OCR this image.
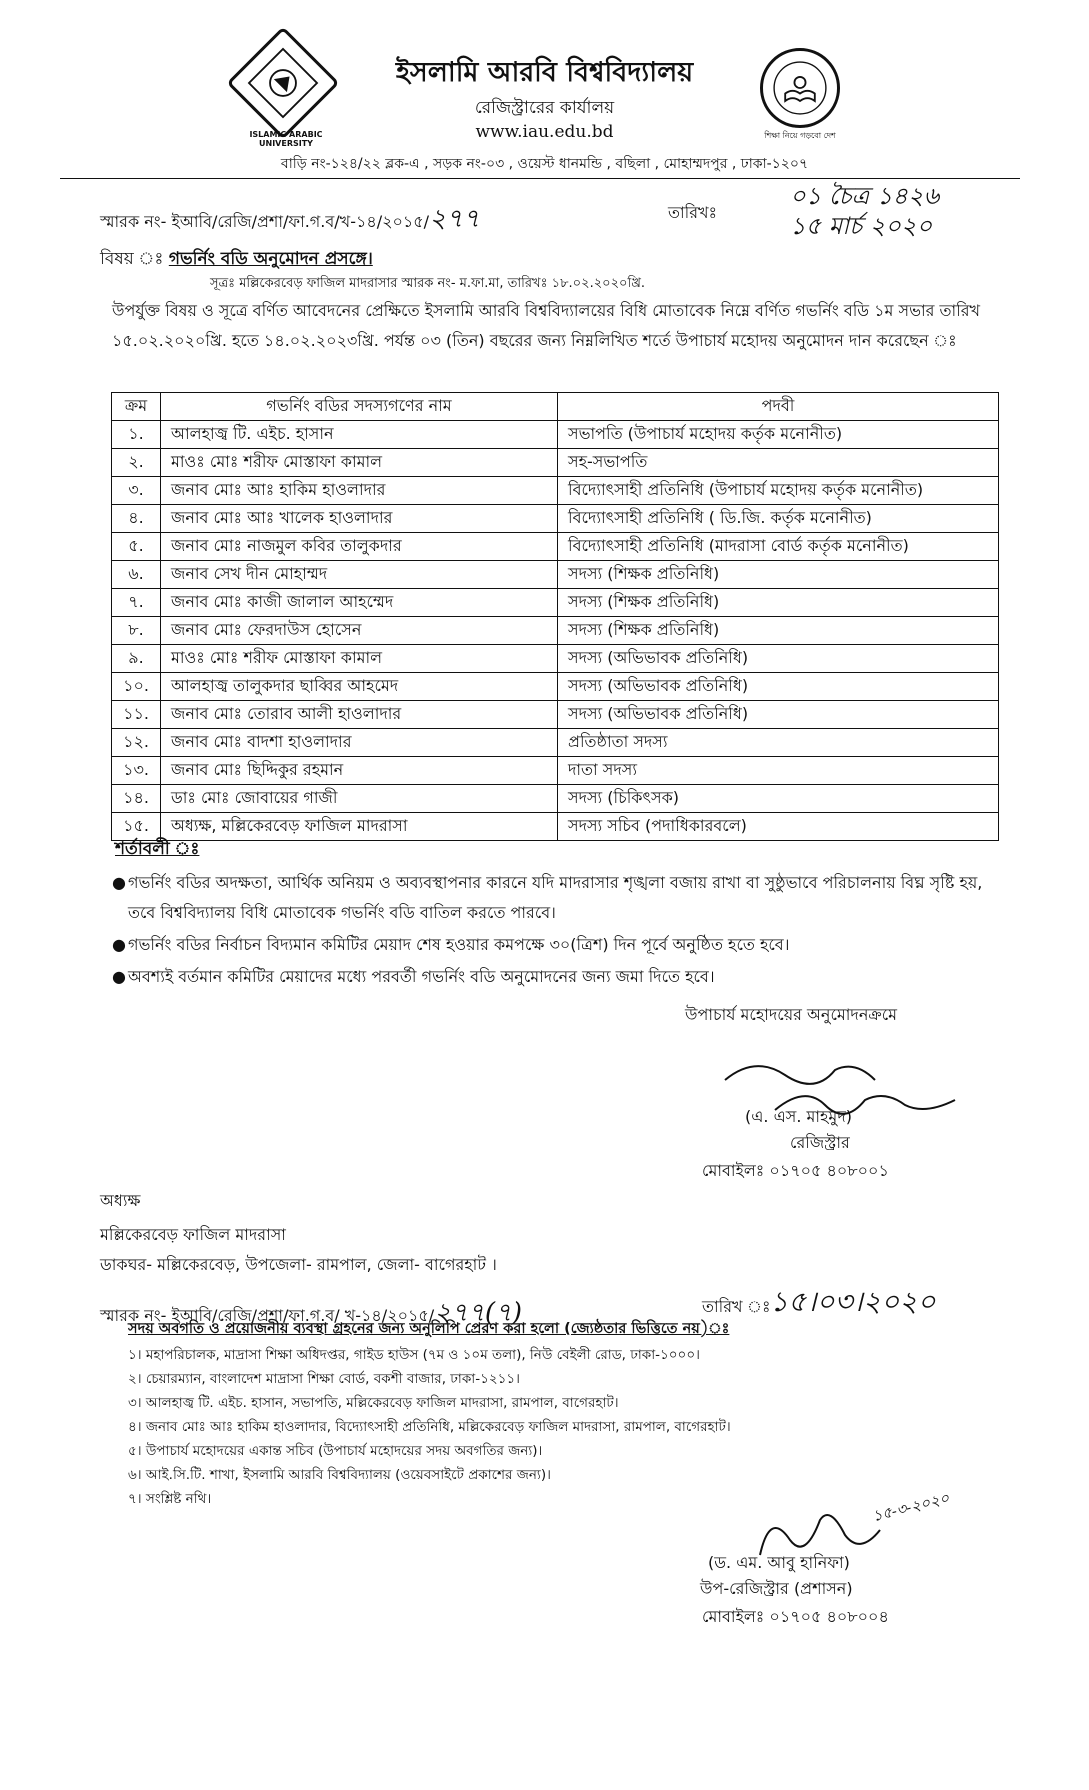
ISLAMIC ARABIC UNIVERSITY
শিক্ষা নিয়ে গড়বো দেশ
ইসলামি আরবি বিশ্ববিদ্যালয়
রেজিস্ট্রারের কার্যালয়
www.iau.edu.bd
বাড়ি নং-১২৪/২২ ব্লক-এ , সড়ক নং-০৩ , ওয়েস্ট ধানমন্ডি , বছিলা , মোহাম্মদপুর , ঢাকা-১২০৭
স্মারক নং- ইআবি/রেজি/প্রশা/ফা.গ.ব/খ-১৪/২০১৫/২৭৭	তারিখঃ
০১ চৈত্র ১৪২৬
১৫ মার্চ ২০২০
বিষয় ঃ গভর্নিং বডি অনুমোদন প্রসঙ্গে।
সূত্রঃ মল্লিকেরবেড় ফাজিল মাদরাসার স্মারক নং- ম.ফা.মা, তারিখঃ ১৮.০২.২০২০খ্রি.
উপর্যুক্ত বিষয় ও সূত্রে বর্ণিত আবেদনের প্রেক্ষিতে ইসলামি আরবি বিশ্ববিদ্যালয়ের বিধি মোতাবেক নিম্নে বর্ণিত গভর্নিং বডি ১ম সভার তারিখ ১৫.০২.২০২০খ্রি. হতে ১৪.০২.২০২৩খ্রি. পর্যন্ত ০৩ (তিন) বছরের জন্য নিম্নলিখিত শর্তে উপাচার্য মহোদয় অনুমোদন দান করেছেন ঃ
ক্রম	গভর্নিং বডির সদস্যগণের নাম	পদবী
১.	আলহাজ্ব টি. এইচ. হাসান	সভাপতি (উপাচার্য মহোদয় কর্তৃক মনোনীত)
২.	মাওঃ মোঃ শরীফ মোস্তাফা কামাল	সহ-সভাপতি
৩.	জনাব মোঃ আঃ হাকিম হাওলাদার	বিদ্যোৎসাহী প্রতিনিধি (উপাচার্য মহোদয় কর্তৃক মনোনীত)
৪.	জনাব মোঃ আঃ খালেক হাওলাদার	বিদ্যোৎসাহী প্রতিনিধি ( ডি.জি. কর্তৃক মনোনীত)
৫.	জনাব মোঃ নাজমুল কবির তালুকদার	বিদ্যোৎসাহী প্রতিনিধি (মাদরাসা বোর্ড কর্তৃক মনোনীত)
৬.	জনাব সেখ দীন মোহাম্মদ	সদস্য (শিক্ষক প্রতিনিধি)
৭.	জনাব মোঃ কাজী জালাল আহম্মেদ	সদস্য (শিক্ষক প্রতিনিধি)
৮.	জনাব মোঃ ফেরদাউস হোসেন	সদস্য (শিক্ষক প্রতিনিধি)
৯.	মাওঃ মোঃ শরীফ মোস্তাফা কামাল	সদস্য (অভিভাবক প্রতিনিধি)
১০.	আলহাজ্ব তালুকদার ছাব্বির আহমেদ	সদস্য (অভিভাবক প্রতিনিধি)
১১.	জনাব মোঃ তোরাব আলী হাওলাদার	সদস্য (অভিভাবক প্রতিনিধি)
১২.	জনাব মোঃ বাদশা হাওলাদার	প্রতিষ্ঠাতা সদস্য
১৩.	জনাব মোঃ ছিদ্দিকুর রহমান	দাতা সদস্য
১৪.	ডাঃ মোঃ জোবায়ের গাজী	সদস্য (চিকিৎসক)
১৫.	অধ্যক্ষ, মল্লিকেরবেড় ফাজিল মাদরাসা	সদস্য সচিব (পদাধিকারবলে)
শর্তাবলী ঃ
● গভর্নিং বডির অদক্ষতা, আর্থিক অনিয়ম ও অব্যবস্থাপনার কারনে যদি মাদরাসার শৃঙ্খলা বজায় রাখা বা সুষ্ঠুভাবে পরিচালনায় বিঘ্ন সৃষ্টি হয়, তবে বিশ্ববিদ্যালয় বিধি মোতাবেক গভর্নিং বডি বাতিল করতে পারবে।
● গভর্নিং বডির নির্বাচন বিদ্যমান কমিটির মেয়াদ শেষ হওয়ার কমপক্ষে ৩০(ত্রিশ) দিন পূর্বে অনুষ্ঠিত হতে হবে।
● অবশ্যই বর্তমান কমিটির মেয়াদের মধ্যে পরবর্তী গভর্নিং বডি অনুমোদনের জন্য জমা দিতে হবে।
উপাচার্য মহোদয়ের অনুমোদনক্রমে
(এ. এস. মাহমুদ)
রেজিস্ট্রার
মোবাইলঃ ০১৭০৫ ৪০৮০০১
অধ্যক্ষ
মল্লিকেরবেড় ফাজিল মাদরাসা
ডাকঘর- মল্লিকেরবেড়, উপজেলা- রামপাল, জেলা- বাগেরহাট ।
স্মারক নং- ইআবি/রেজি/প্রশা/ফা.গ.ব/ খ-১৪/২০১৫/২৭৭(৭)	তারিখ ঃ ১৫।০৩।২০২০
সদয় অবগতি ও প্রয়োজনীয় ব্যবস্থা গ্রহনের জন্য অনুলিপি প্রেরণ করা হলো (জ্যেষ্ঠতার ভিত্তিতে নয়)ঃ
১। মহাপরিচালক, মাদ্রাসা শিক্ষা অধিদপ্তর, গাইড হাউস (৭ম ও ১০ম তলা), নিউ বেইলী রোড, ঢাকা-১০০০।
২। চেয়ারম্যান, বাংলাদেশ মাদ্রাসা শিক্ষা বোর্ড, বকশী বাজার, ঢাকা-১২১১।
৩। আলহাজ্ব টি. এইচ. হাসান, সভাপতি, মল্লিকেরবেড় ফাজিল মাদরাসা, রামপাল, বাগেরহাট।
৪। জনাব মোঃ আঃ হাকিম হাওলাদার, বিদ্যোৎসাহী প্রতিনিধি, মল্লিকেরবেড় ফাজিল মাদরাসা, রামপাল, বাগেরহাট।
৫। উপাচার্য মহোদয়ের একান্ত সচিব (উপাচার্য মহোদয়ের সদয় অবগতির জন্য)।
৬। আই.সি.টি. শাখা, ইসলামি আরবি বিশ্ববিদ্যালয় (ওয়েবসাইটে প্রকাশের জন্য)।
৭। সংশ্লিষ্ট নথি।	১৫-৩-২০২০
(ড. এম. আবু হানিফা)
উপ-রেজিস্ট্রার (প্রশাসন)
মোবাইলঃ ০১৭০৫ ৪০৮০০৪
